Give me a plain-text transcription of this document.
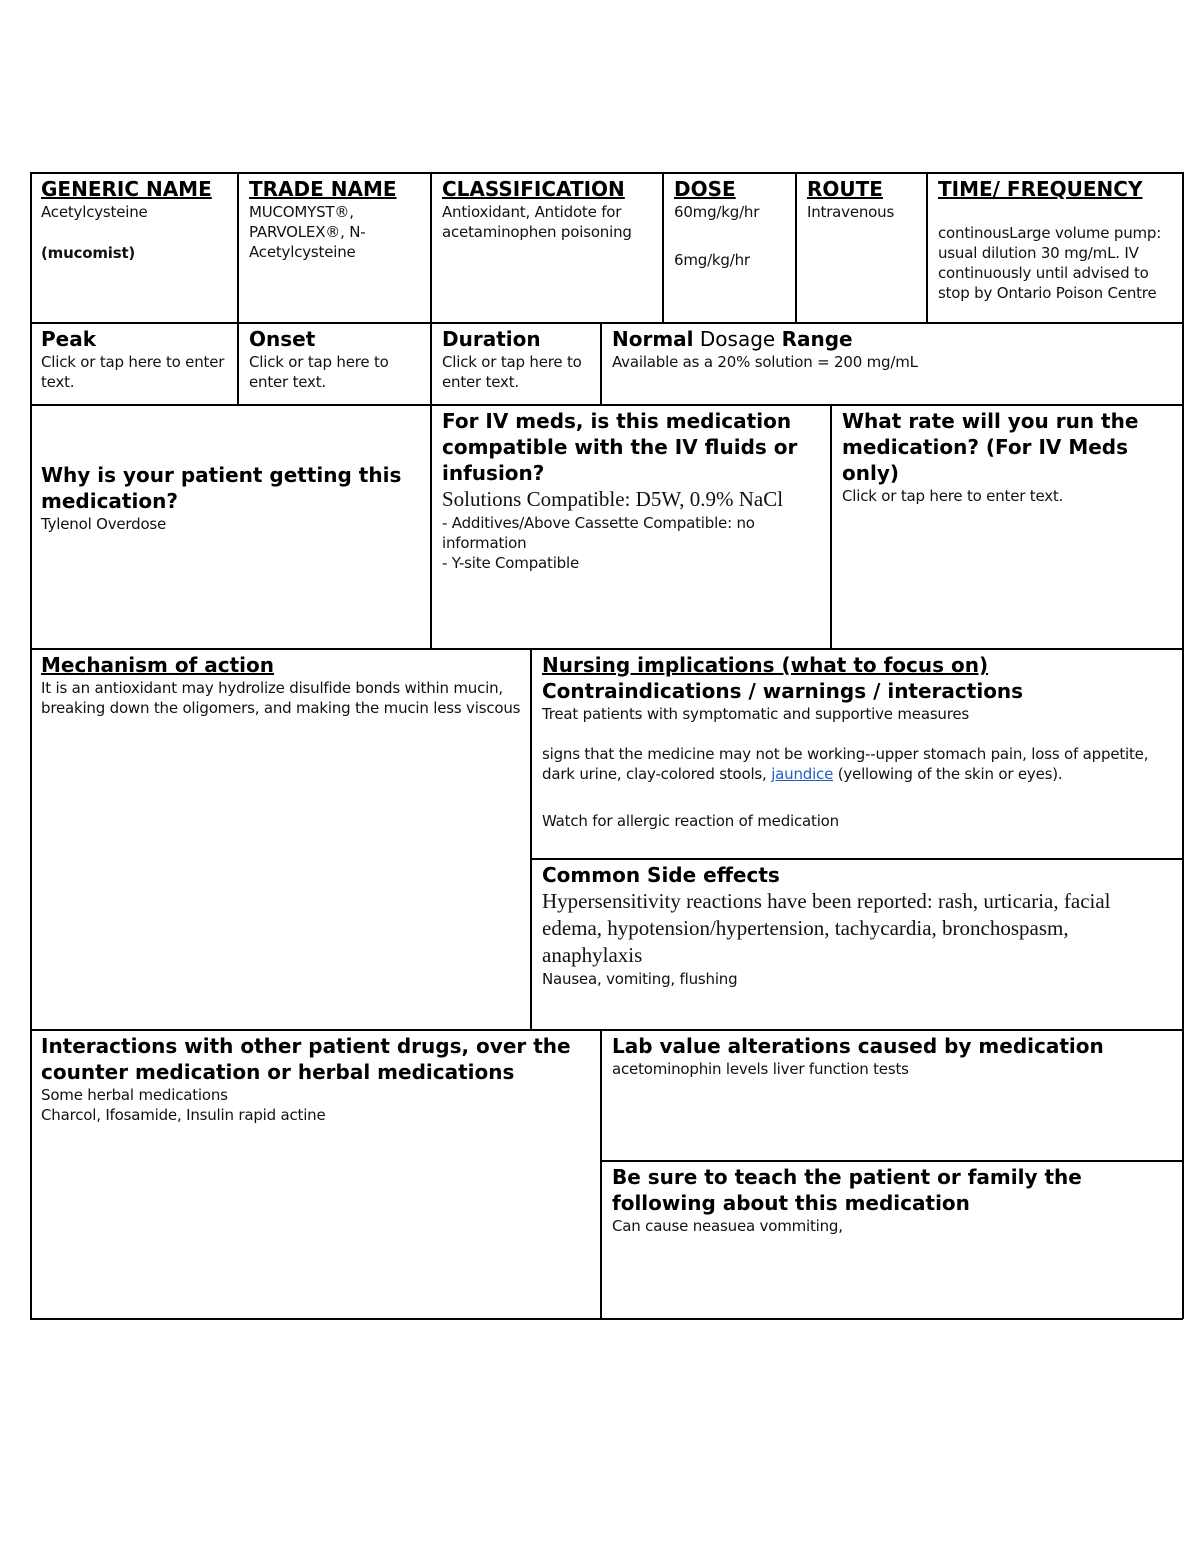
GENERIC NAME
Acetylcysteine
(mucomist)
TRADE NAME
MUCOMYST®, PARVOLEX®, N-Acetylcysteine
CLASSIFICATION
Antioxidant, Antidote for acetaminophen poisoning
DOSE
60mg/kg/hr
6mg/kg/hr
ROUTE
Intravenous
TIME/ FREQUENCY
continousLarge volume pump: usual dilution 30 mg/mL. IV continuously until advised to stop by Ontario Poison Centre
Peak
Click or tap here to enter text.
Onset
Click or tap here to enter text.
Duration
Click or tap here to enter text.
Normal Dosage Range
Available as a 20% solution = 200 mg/mL
Why is your patient getting this medication?
Tylenol Overdose
For IV meds, is this medication compatible with the IV fluids or infusion?
Solutions Compatible: D5W, 0.9% NaCl
- Additives/Above Cassette Compatible: no information
- Y-site Compatible
What rate will you run the medication? (For IV Meds only)
Click or tap here to enter text.
Mechanism of action
It is an antioxidant may hydrolize disulfide bonds within mucin, breaking down the oligomers, and making the mucin less viscous
Nursing implications (what to focus on)
Contraindications / warnings / interactions
Treat patients with symptomatic and supportive measures
signs that the medicine may not be working--upper stomach pain, loss of appetite, dark urine, clay-colored stools, jaundice (yellowing of the skin or eyes).
Watch for allergic reaction of medication
Common Side effects
Hypersensitivity reactions have been reported: rash, urticaria, facial edema, hypotension/hypertension, tachycardia, bronchospasm, anaphylaxis
Nausea, vomiting, flushing
Interactions with other patient drugs, over the counter medication or herbal medications
Some herbal medications
Charcol, Ifosamide, Insulin rapid actine
Lab value alterations caused by medication
acetominophin levels liver function tests
Be sure to teach the patient or family the following about this medication
Can cause neasuea vommiting,
